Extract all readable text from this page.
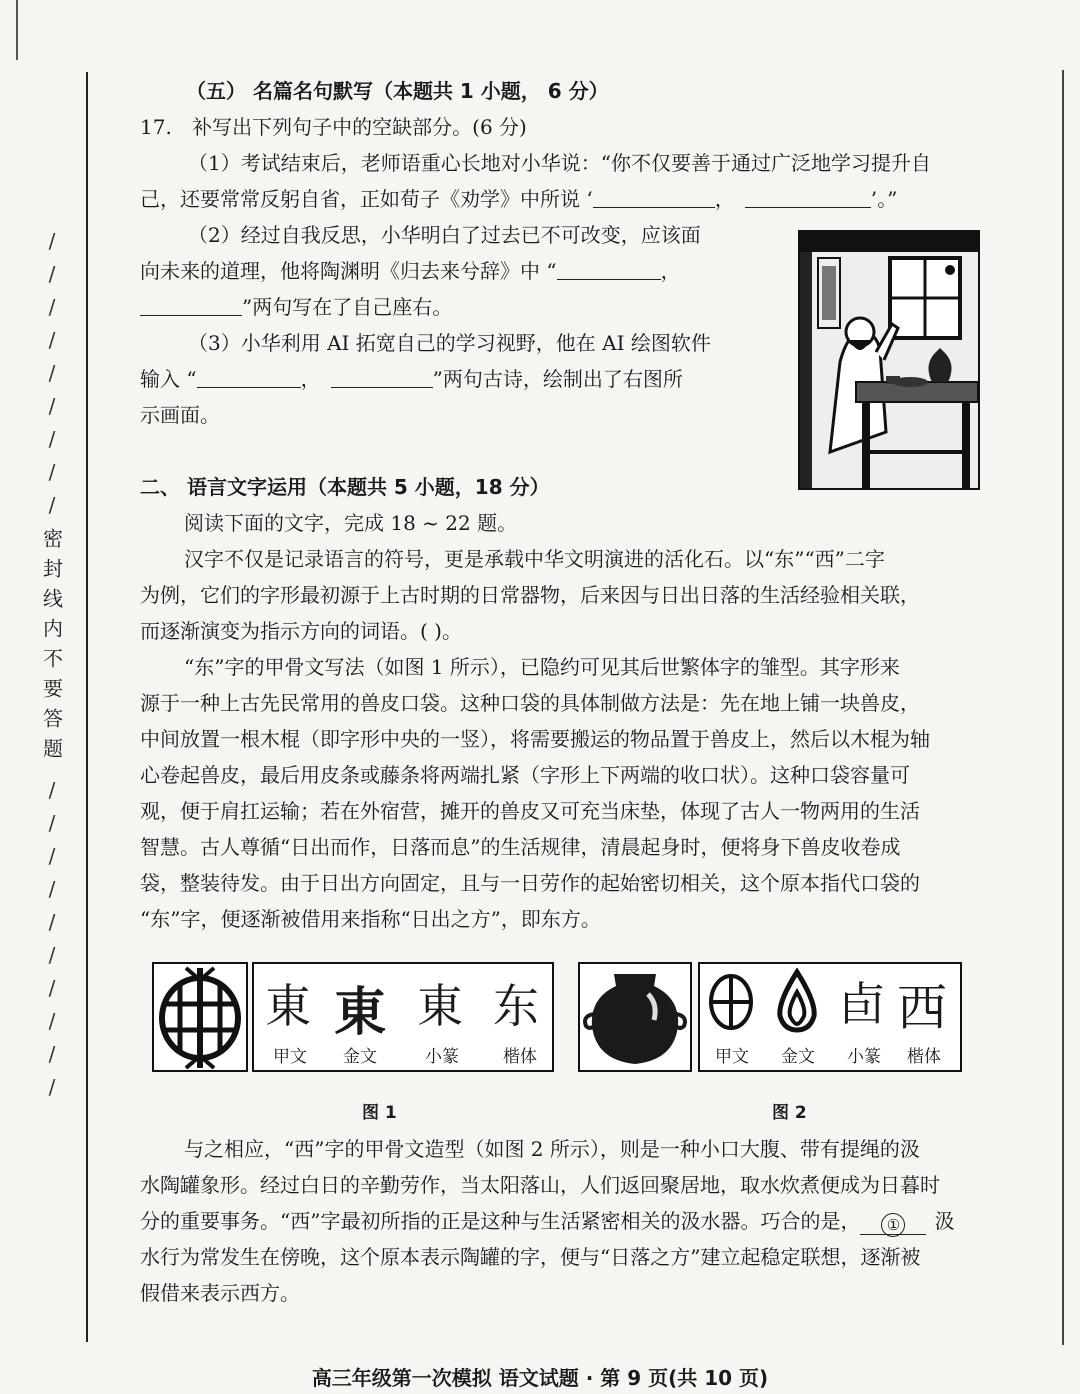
/
/
/
/
/
/
/
/
/
密封线内不要答题
/
/
/
/
/
/
/
/
/
/
（五） 名篇名句默写（本题共 1 小题， 6 分）
17. 补写出下列句子中的空缺部分。(6 分)
（1）考试结束后，老师语重心长地对小华说：“你不仅要善于通过广泛地学习提升自
己，还要常常反躬自省，正如荀子《劝学》中所说 ‘	，	’。”
（2）经过自我反思，小华明白了过去已不可改变，应该面
向未来的道理，他将陶渊明《归去来兮辞》中 “	，
”两句写在了自己座右。
（3）小华利用 AI 拓宽自己的学习视野，他在 AI 绘图软件
输入 “	，	”两句古诗，绘制出了右图所
示画面。
二、 语言文字运用（本题共 5 小题，18 分）
阅读下面的文字，完成 18 ~ 22 题。
汉字不仅是记录语言的符号，更是承载中华文明演进的活化石。以“东”“西”二字
为例，它们的字形最初源于上古时期的日常器物，后来因与日出日落的生活经验相关联，
而逐渐演变为指示方向的词语。( )。
“东”字的甲骨文写法（如图 1 所示），已隐约可见其后世繁体字的雏型。其字形来
源于一种上古先民常用的兽皮口袋。这种口袋的具体制做方法是：先在地上铺一块兽皮，
中间放置一根木棍（即字形中央的一竖），将需要搬运的物品置于兽皮上，然后以木棍为轴
心卷起兽皮，最后用皮条或藤条将两端扎紧（字形上下两端的收口状）。这种口袋容量可
观，便于肩扛运输；若在外宿营，摊开的兽皮又可充当床垫，体现了古人一物两用的生活
智慧。古人尊循“日出而作，日落而息”的生活规律，清晨起身时，便将身下兽皮收卷成
袋，整装待发。由于日出方向固定，且与一日劳作的起始密切相关，这个原本指代口袋的
“东”字，便逐渐被借用来指称“日出之方”，即东方。
東 東 東 东
甲文	金文	小篆	楷体
图 1
卣 西
甲文	金文	小篆	楷体
图 2
与之相应，“西”字的甲骨文造型（如图 2 所示），则是一种小口大腹、带有提绳的汲
水陶罐象形。经过白日的辛勤劳作，当太阳落山，人们返回聚居地，取水炊煮便成为日暮时
分的重要事务。“西”字最初所指的正是这种与生活紧密相关的汲水器。巧合的是， ① 汲
水行为常发生在傍晚，这个原本表示陶罐的字，便与“日落之方”建立起稳定联想，逐渐被
假借来表示西方。
高三年级第一次模拟 语文试题 · 第 9 页(共 10 页)
